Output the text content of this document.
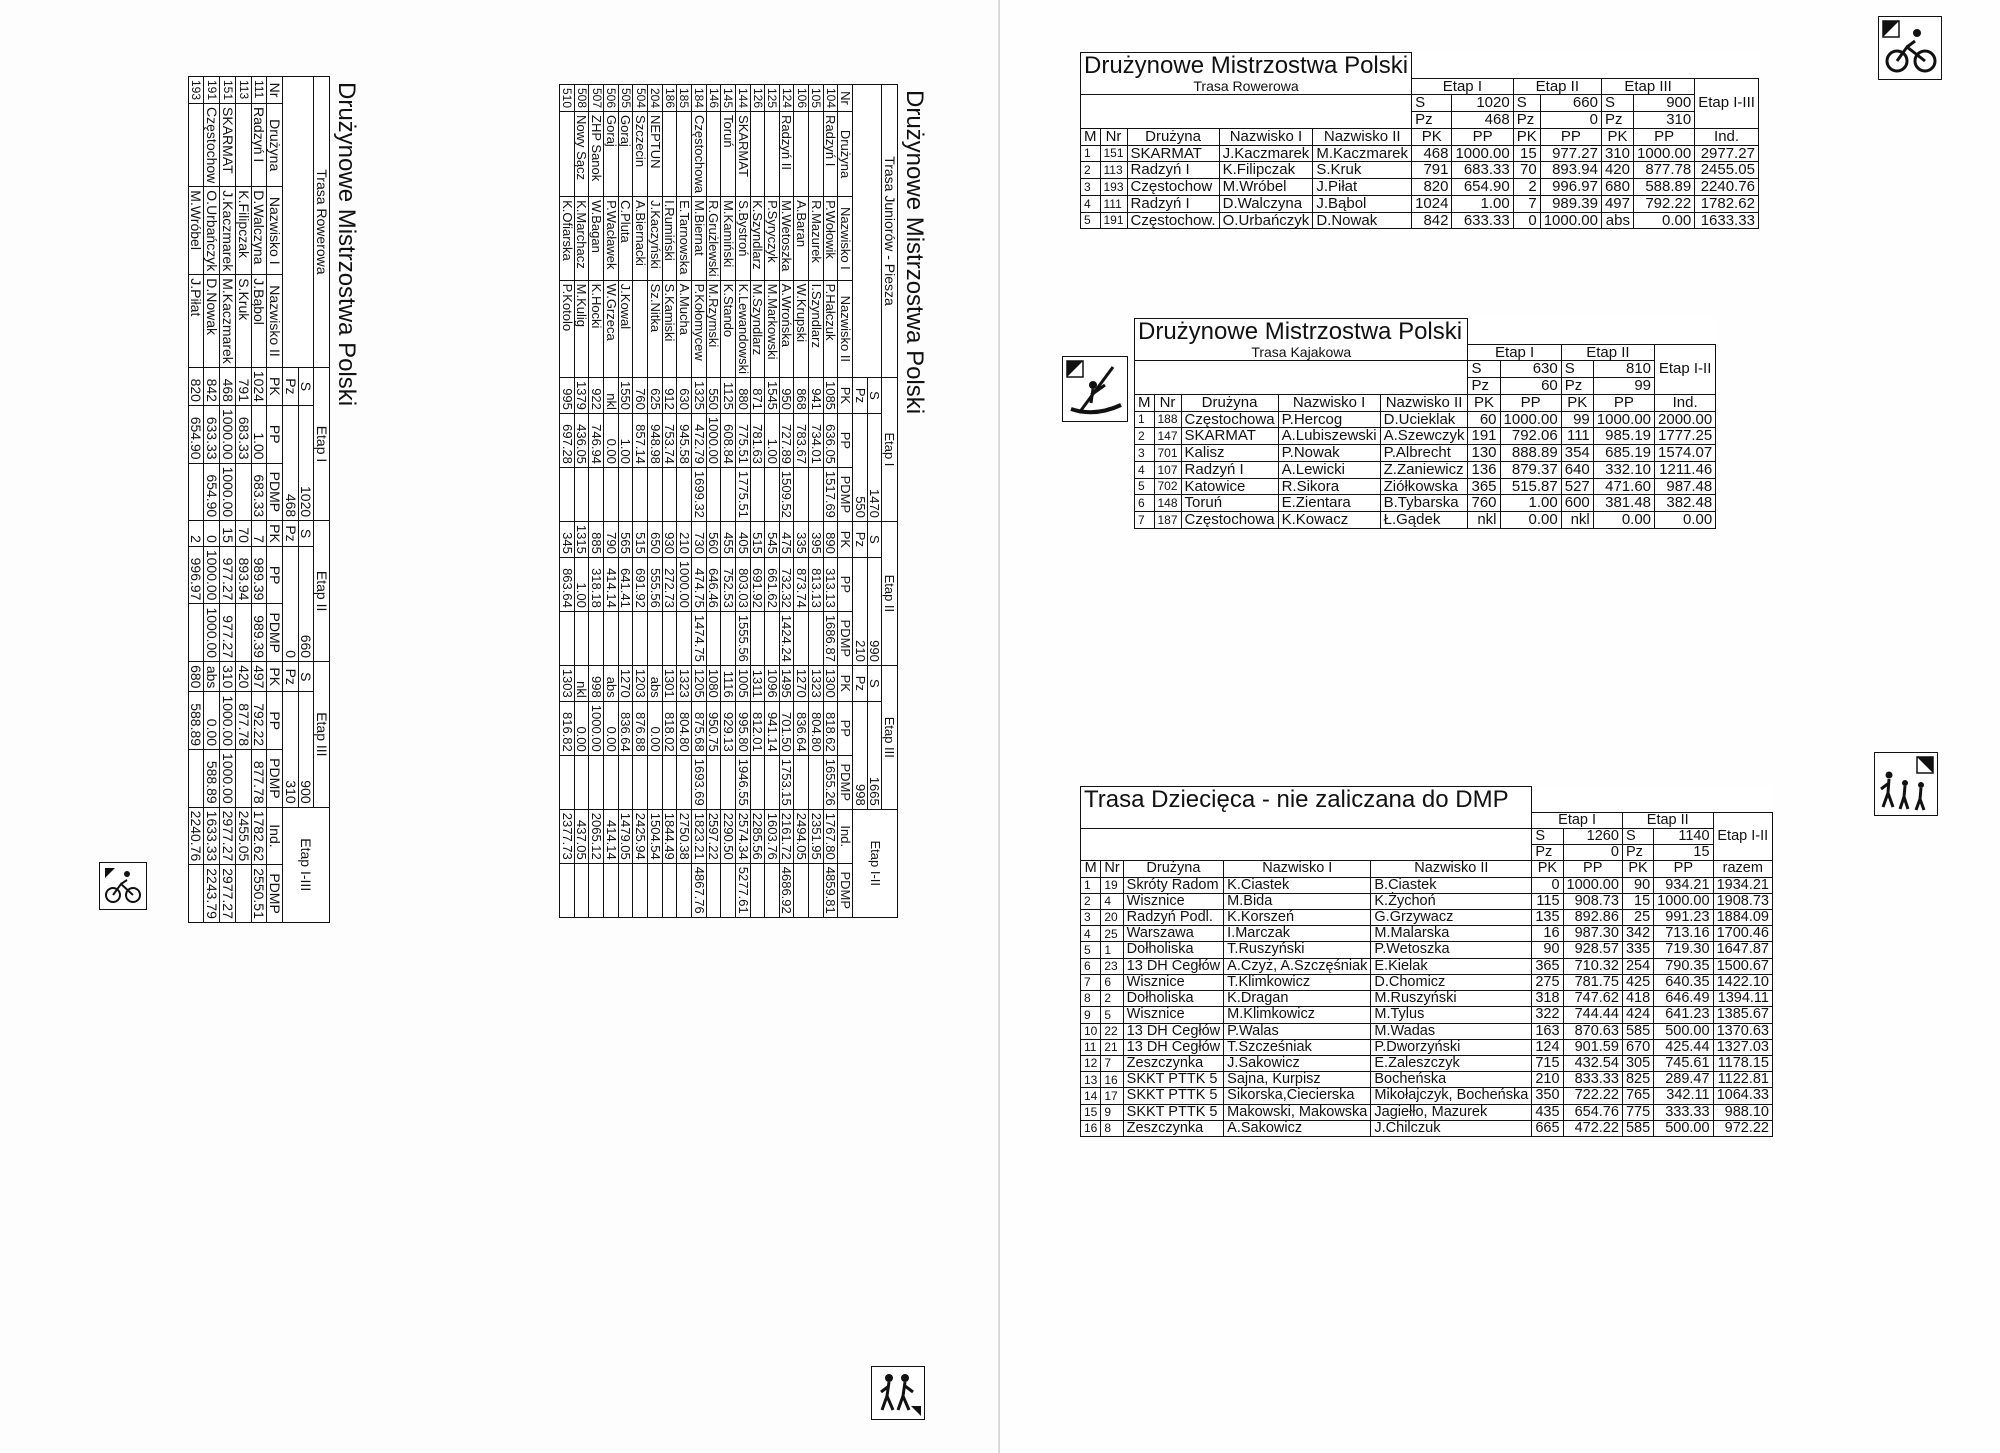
Drużynowe Mistrzostwa Polski
Trasa Rowerowa				Etap I			Etap II			Etap III			Etap I-III	
				S	1020		S	660		S	900			
				Pz	468		Pz	0		Pz	310			
Nr	Drużyna	Nazwisko I	Nazwisko II	PK	PP	PDMP	PK	PP	PDMP	PK	PP	PDMP	Ind.	PDMP
111	Radzyń I	D.Walczyna	J.Bąbol	1024	1.00	683.33	7	989.39	989.39	497	792.22	877.78	1782.62	2550.51
113		K.Filipczak	S.Kruk	791	683.33		70	893.94		420	877.78		2455.05	
151	SKARMAT	J.Kaczmarek	M.Kaczmarek	468	1000.00	1000.00	15	977.27	977.27	310	1000.00	1000.00	2977.27	2977.27
191	Częstochow	O.Urbańczyk	D.Nowak	842	633.33	654.90	0	1000.00	1000.00	abs	0.00	588.89	1633.33	2243.79
193		M.Wróbel	J.Piłat	820	654.90		2	996.97		680	588.89		2240.76	
Drużynowe Mistrzostwa Polski
Trasa Juniorów - Piesza				Etap I			Etap II			Etap III			Etap I-II	
				S	1470		S	990		S	1665			
				Pz	550		Pz	210		Pz	998			
Nr	Drużyna	Nazwisko I	Nazwisko II	PK	PP	PDMP	PK	PP	PDMP	PK	PP	PDMP	Ind.	PDMP
104	Radzyń I	P.Wołowik	P.Hałczuk	1085	636.05	1517.69	890	313.13	1686.87	1300	818.62	1655.26	1767.80	4859.81
105		R.Mazurek	I.Szyndlarz	941	734.01		395	813.13		1323	804.80		2351.95	
106		A.Baran	W.Krupski	868	783.67		335	873.74		1270	836.64		2494.05	
124	Radzyń II	M.Wetoszka	A.Wrońska	950	727.89	1509.52	475	732.32	1424.24	1495	701.50	1753.15	2161.72	4686.92
125		P.Syryczyk	M.Markowski	1545	1.00		545	661.62		1096	941.14		1603.76	
126		K.Szyndlarz	M.Szyndlarz	871	781.63		515	691.92		1311	812.01		2285.56	
144	SKARMAT	S.Bystroń	K.Lewandowski	880	775.51	1775.51	405	803.03	1555.56	1005	995.80	1946.55	2574.34	5277.61
145	Toruń	M.Kamiński	K.Stando	1125	608.84		455	752.53		1116	929.13		2290.50	
146		R.Grużlewski	M.Rzymski	550	1000.00		560	646.46		1080	950.75		2597.22	
184	Częstochowa	M.Biernat	P.Kołomycew	1325	472.79	1699.32	730	474.75	1474.75	1205	875.68	1693.69	1823.21	4867.76
185		E.Tarnowska	A.Mucha	630	945.58		210	1000.00		1323	804.80		2750.38	
186		I.Rumiński	S.Kamiski	912	753.74		930	272.73		1301	818.02		1844.49	
204	NEPTUN	J.Kaczyński	Sz.Nitka	625	948.98		650	555.56		abs	0.00		1504.54	
504	Szczecin	A.Biernacki		760	857.14		515	691.92		1203	876.88		2425.94	
505	Goraj	C.Pluta	J.Kowal	1550	1.00		565	641.41		1270	836.64		1479.05	
506	Goraj	P.Wacławek	W.Grzeca	nkl	0.00		790	414.14		abs	0.00		414.14	
507	ZHP Sanok	W.Bagan	K.Hocki	922	746.94		885	318.18		998	1000.00		2065.12	
508	Nowy Sącz	K.Marchacz	M.Kulig	1379	436.05		1315	1.00		nkl	0.00		437.05	
510		K.Ofiarska	P.Kotolo	995	697.28		345	863.64		1303	816.82		2377.73	
Drużynowe Mistrzostwa Polski											
Trasa Rowerowa					Etap I		Etap II		Etap III		Etap I-III
					S	1020	S	660	S	900	
					Pz	468	Pz	0	Pz	310	
M	Nr	Drużyna	Nazwisko I	Nazwisko II	PK	PP	PK	PP	PK	PP	Ind.
1	151	SKARMAT	J.Kaczmarek	M.Kaczmarek	468	1000.00	15	977.27	310	1000.00	2977.27
2	113	Radzyń I	K.Filipczak	S.Kruk	791	683.33	70	893.94	420	877.78	2455.05
3	193	Częstochow	M.Wróbel	J.Piłat	820	654.90	2	996.97	680	588.89	2240.76
4	111	Radzyń I	D.Walczyna	J.Bąbol	1024	1.00	7	989.39	497	792.22	1782.62
5	191	Częstochow.	O.Urbańczyk	D.Nowak	842	633.33	0	1000.00	abs	0.00	1633.33
Drużynowe Mistrzostwa Polski									
Trasa Kajakowa					Etap I		Etap II		Etap I-II
					S	630	S	810	
					Pz	60	Pz	99	
M	Nr	Drużyna	Nazwisko I	Nazwisko II	PK	PP	PK	PP	Ind.
1	188	Częstochowa	P.Hercog	D.Ucieklak	60	1000.00	99	1000.00	2000.00
2	147	SKARMAT	A.Lubiszewski	A.Szewczyk	191	792.06	111	985.19	1777.25
3	701	Kalisz	P.Nowak	P.Albrecht	130	888.89	354	685.19	1574.07
4	107	Radzyń I	A.Lewicki	Z.Zaniewicz	136	879.37	640	332.10	1211.46
5	702	Katowice	R.Sikora	Ziółkowska	365	515.87	527	471.60	987.48
6	148	Toruń	E.Zientara	B.Tybarska	760	1.00	600	381.48	382.48
7	187	Częstochowa	K.Kowacz	Ł.Gądek	nkl	0.00	nkl	0.00	0.00
Trasa Dziecięca - nie zaliczana do DMP									
					Etap I		Etap II		Etap I-II
					S	1260	S	1140	
					Pz	0	Pz	15	
M	Nr	Drużyna	Nazwisko I	Nazwisko II	PK	PP	PK	PP	razem
1	19	Skróty Radom	K.Ciastek	B.Ciastek	0	1000.00	90	934.21	1934.21
2	4	Wisznice	M.Bida	K.Żychoń	115	908.73	15	1000.00	1908.73
3	20	Radzyń Podl.	K.Korszeń	G.Grzywacz	135	892.86	25	991.23	1884.09
4	25	Warszawa	I.Marczak	M.Malarska	16	987.30	342	713.16	1700.46
5	1	Dołholiska	T.Ruszyński	P.Wetoszka	90	928.57	335	719.30	1647.87
6	23	13 DH Cegłów	A.Czyż, A.Szczęśniak	E.Kielak	365	710.32	254	790.35	1500.67
7	6	Wisznice	T.Klimkowicz	D.Chomicz	275	781.75	425	640.35	1422.10
8	2	Dołholiska	K.Dragan	M.Ruszyński	318	747.62	418	646.49	1394.11
9	5	Wisznice	M.Klimkowicz	M.Tylus	322	744.44	424	641.23	1385.67
10	22	13 DH Cegłów	P.Walas	M.Wadas	163	870.63	585	500.00	1370.63
11	21	13 DH Cegłów	T.Szcześniak	P.Dworzyński	124	901.59	670	425.44	1327.03
12	7	Zeszczynka	J.Sakowicz	E.Zaleszczyk	715	432.54	305	745.61	1178.15
13	16	SKKT PTTK 5	Sajna, Kurpisz	Bocheńska	210	833.33	825	289.47	1122.81
14	17	SKKT PTTK 5	Sikorska,Ciecierska	Mikołajczyk, Bocheńska	350	722.22	765	342.11	1064.33
15	9	SKKT PTTK 5	Makowski, Makowska	Jagiełło, Mazurek	435	654.76	775	333.33	988.10
16	8	Zeszczynka	A.Sakowicz	J.Chilczuk	665	472.22	585	500.00	972.22
